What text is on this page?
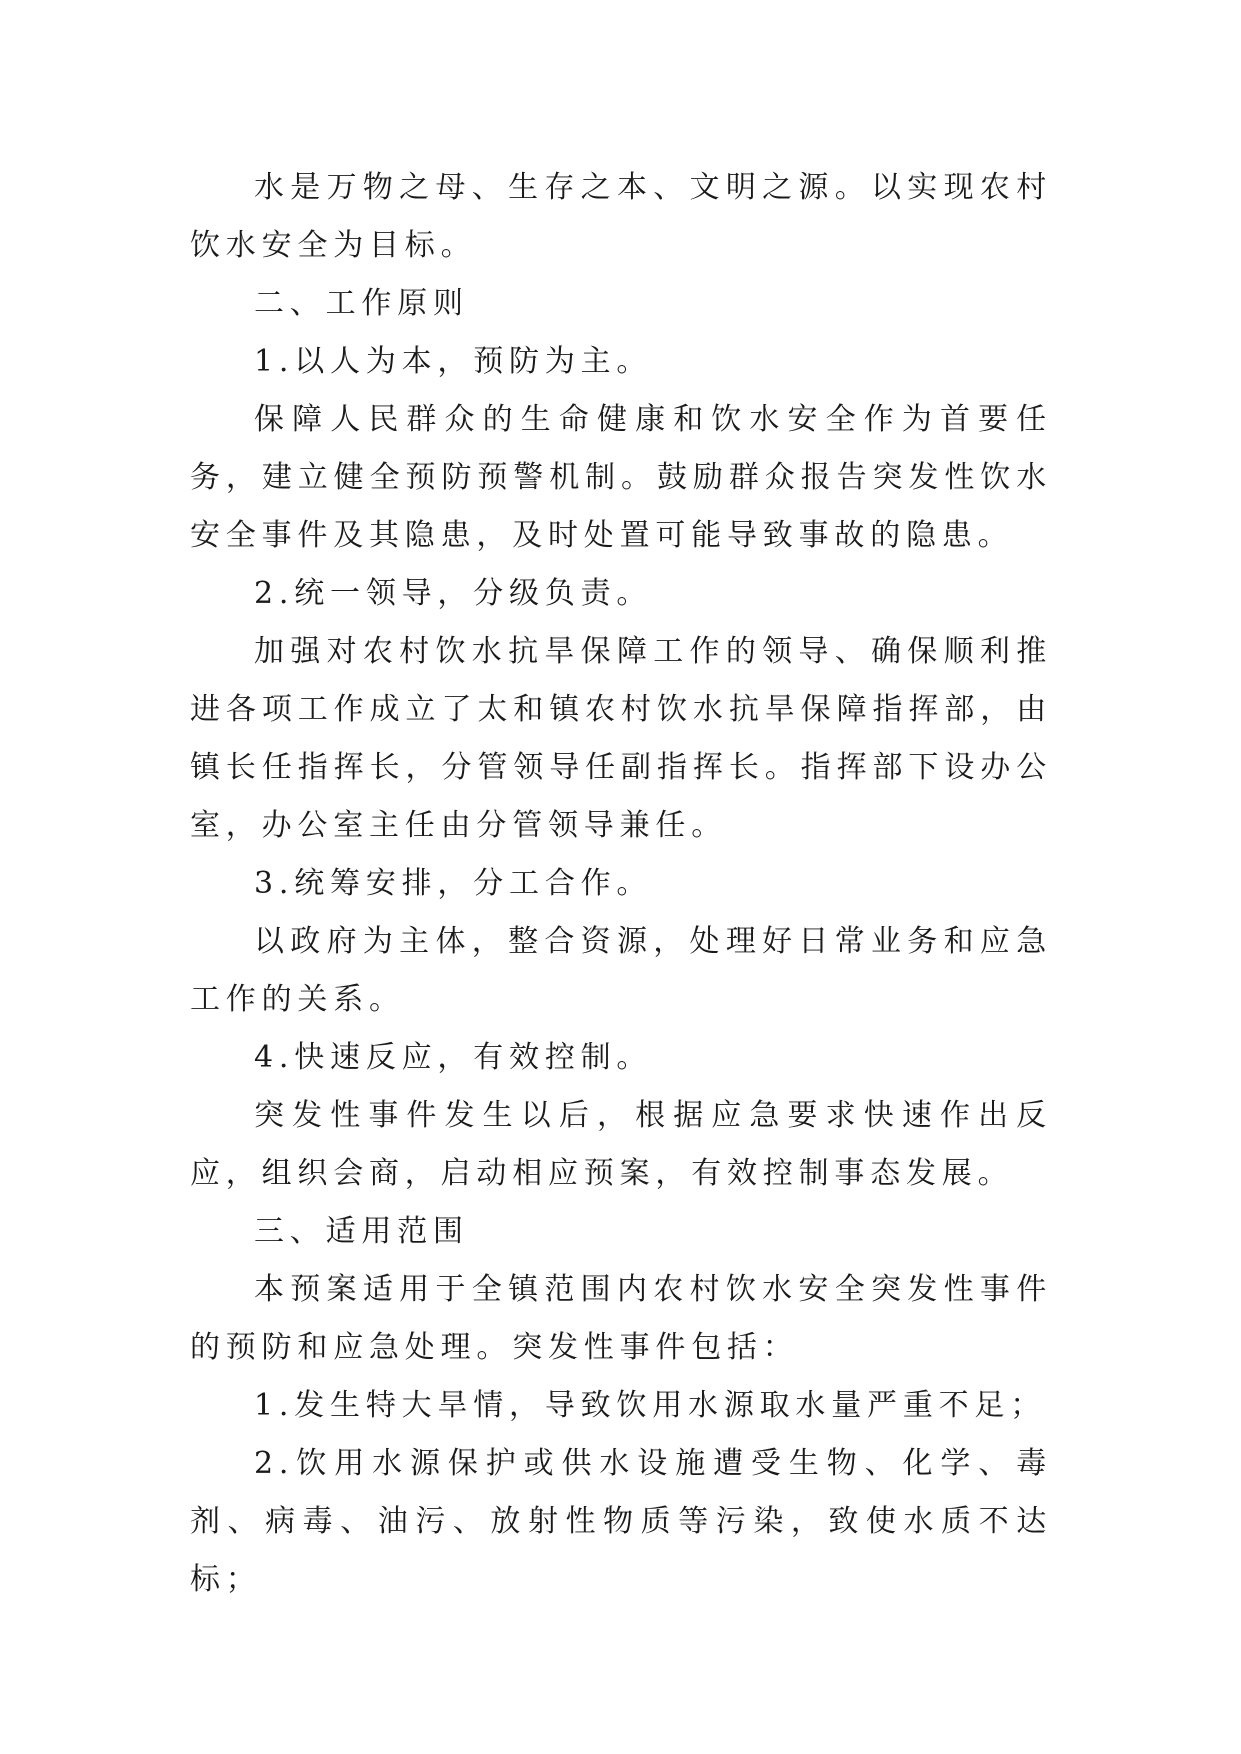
水是万物之母、生存之本、文明之源。以实现农村饮水安全为目标。

二、工作原则

1.以人为本，预防为主。

保障人民群众的生命健康和饮水安全作为首要任务，建立健全预防预警机制。鼓励群众报告突发性饮水安全事件及其隐患，及时处置可能导致事故的隐患。

2.统一领导，分级负责。

加强对农村饮水抗旱保障工作的领导、确保顺利推进各项工作成立了太和镇农村饮水抗旱保障指挥部，由镇长任指挥长，分管领导任副指挥长。指挥部下设办公室，办公室主任由分管领导兼任。

3.统筹安排，分工合作。

以政府为主体，整合资源，处理好日常业务和应急工作的关系。

4.快速反应，有效控制。

突发性事件发生以后，根据应急要求快速作出反应，组织会商，启动相应预案，有效控制事态发展。

三、适用范围

本预案适用于全镇范围内农村饮水安全突发性事件的预防和应急处理。突发性事件包括：

1.发生特大旱情，导致饮用水源取水量严重不足；

2.饮用水源保护或供水设施遭受生物、化学、毒剂、病毒、油污、放射性物质等污染，致使水质不达标；
